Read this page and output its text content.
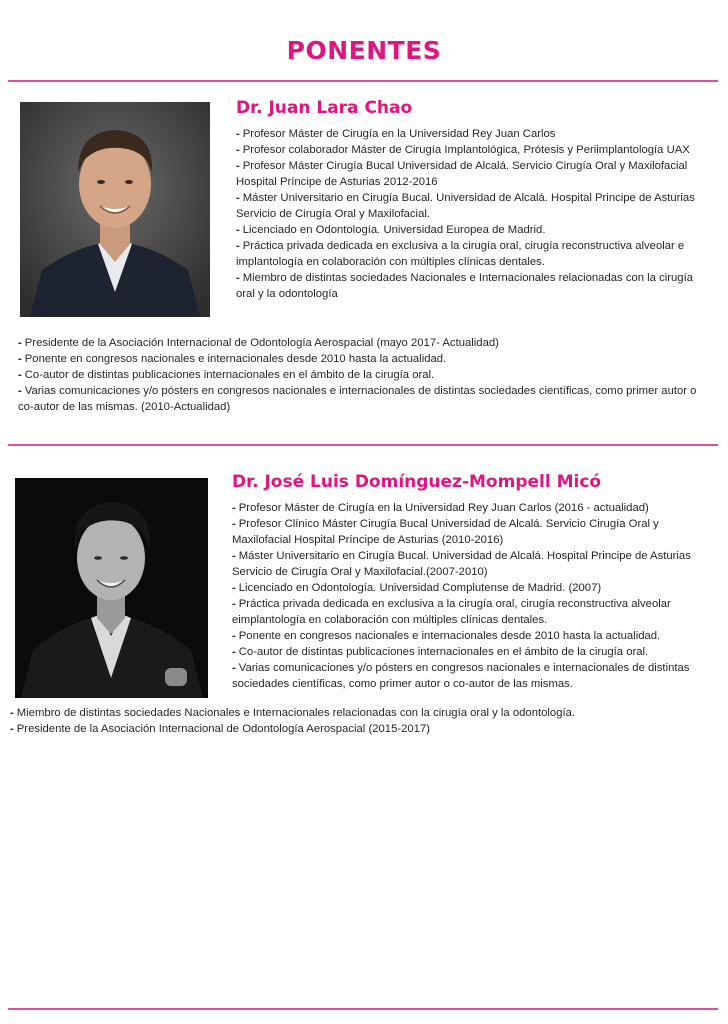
PONENTES
Dr. Juan Lara Chao
- Profesor Máster de Cirugía en la Universidad Rey Juan Carlos
- Profesor colaborador Máster de Cirugía Implantológica, Prótesis y Periimplantología UAX
- Profesor Máster Cirugía Bucal Universidad de Alcalá. Servicio Cirugía Oral y Maxilofacial Hospital Príncipe de Asturias 2012-2016
- Máster Universitario en Cirugía Bucal. Universidad de Alcalá. Hospital Principe de Asturias Servicio de Cirugía Oral y Maxilofacial.
- Licenciado en Odontología. Universidad Europea de Madrid.
- Práctica privada dedicada en exclusiva a la cirugía oral, cirugía reconstructiva alveolar e implantología en colaboración con múltiples clínicas dentales.
- Miembro de distintas sociedades Nacionales e Internacionales relacionadas con la cirugía oral y la odontología
- Presidente de la Asociación Internacional de Odontología Aerospacial (mayo 2017- Actualidad)
- Ponente en congresos nacionales e internacionales desde 2010 hasta la actualidad.
- Co-autor de distintas publicaciones internacionales en el ámbito de la cirugía oral.
- Varias comunicaciones y/o pósters en congresos nacionales e internacionales de distintas sociedades científicas, como primer autor o co-autor de las mismas. (2010-Actualidad)
Dr. José Luis Domínguez-Mompell Micó
- Profesor Máster de Cirugía en la Universidad Rey Juan Carlos (2016 - actualidad)
- Profesor Clínico Máster Cirugía Bucal Universidad de Alcalá. Servicio Cirugía Oral y Maxilofacial Hospital Príncipe de Asturias (2010-2016)
- Máster Universitario en Cirugía Bucal. Universidad de Alcalá. Hospital Principe de Asturias Servicio de Cirugía Oral y Maxilofacial.(2007-2010)
- Licenciado en Odontología. Universidad Complutense de Madrid. (2007)
- Práctica privada dedicada en exclusiva a la cirugía oral, cirugía reconstructiva alveolar eimplantología en colaboración con múltiples clínicas dentales.
- Ponente en congresos nacionales e internacionales desde 2010 hasta la actualidad.
- Co-autor de distintas publicaciones internacionales en el ámbito de la cirugía oral.
- Varias comunicaciones y/o pósters en congresos nacionales e internacionales de distintas sociedades científicas, como primer autor o co-autor de las mismas.
- Miembro de distintas sociedades Nacionales e Internacionales relacionadas con la cirugía oral y la odontología.
- Presidente de la Asociación Internacional de Odontología Aerospacial (2015-2017)
